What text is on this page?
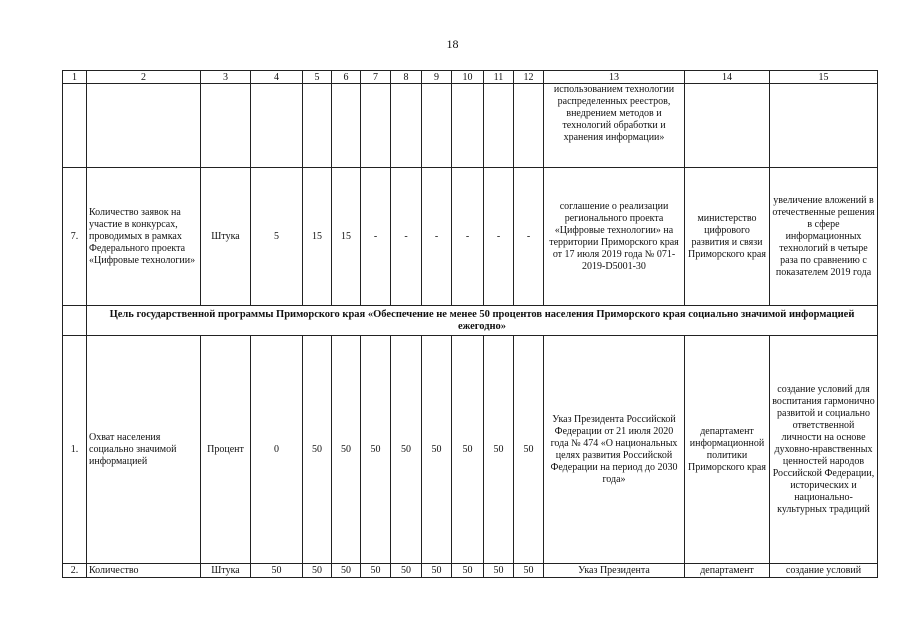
18
1	2	3	4	5	6	7	8	9	10	11	12	13	14	15
												использованием технологии распределенных реестров, внедрением методов и технологий обработки и хранения информации»		
7.	Количество заявок на участие в конкурсах, проводимых в рамках Федерального проекта «Цифровые технологии»	Штука	5	15	15	-	-	-	-	-	-	соглашение о реализации регионального проекта «Цифровые технологии» на территории Приморского края от 17 июля 2019 года № 071-2019-D5001-30	министерство цифрового развития и связи Приморского края	увеличение вложений в отечественные решения в сфере информационных технологий в четыре раза по сравнению с показателем 2019 года
	Цель государственной программы Приморского края «Обеспечение не менее 50 процентов населения Приморского края социально значимой информацией ежегодно»													
1.	Охват населения социально значимой информацией	Процент	0	50	50	50	50	50	50	50	50	Указ Президента Российской Федерации от 21 июля 2020 года № 474 «О национальных целях развития Российской Федерации на период до 2030 года»	департамент информационной политики Приморского края	создание условий для воспитания гармонично развитой и социально ответственной личности на основе духовно-нравственных ценностей народов Российской Федерации, исторических и национально-культурных традиций
2.	Количество	Штука	50	50	50	50	50	50	50	50	50	Указ Президента	департамент	создание условий
